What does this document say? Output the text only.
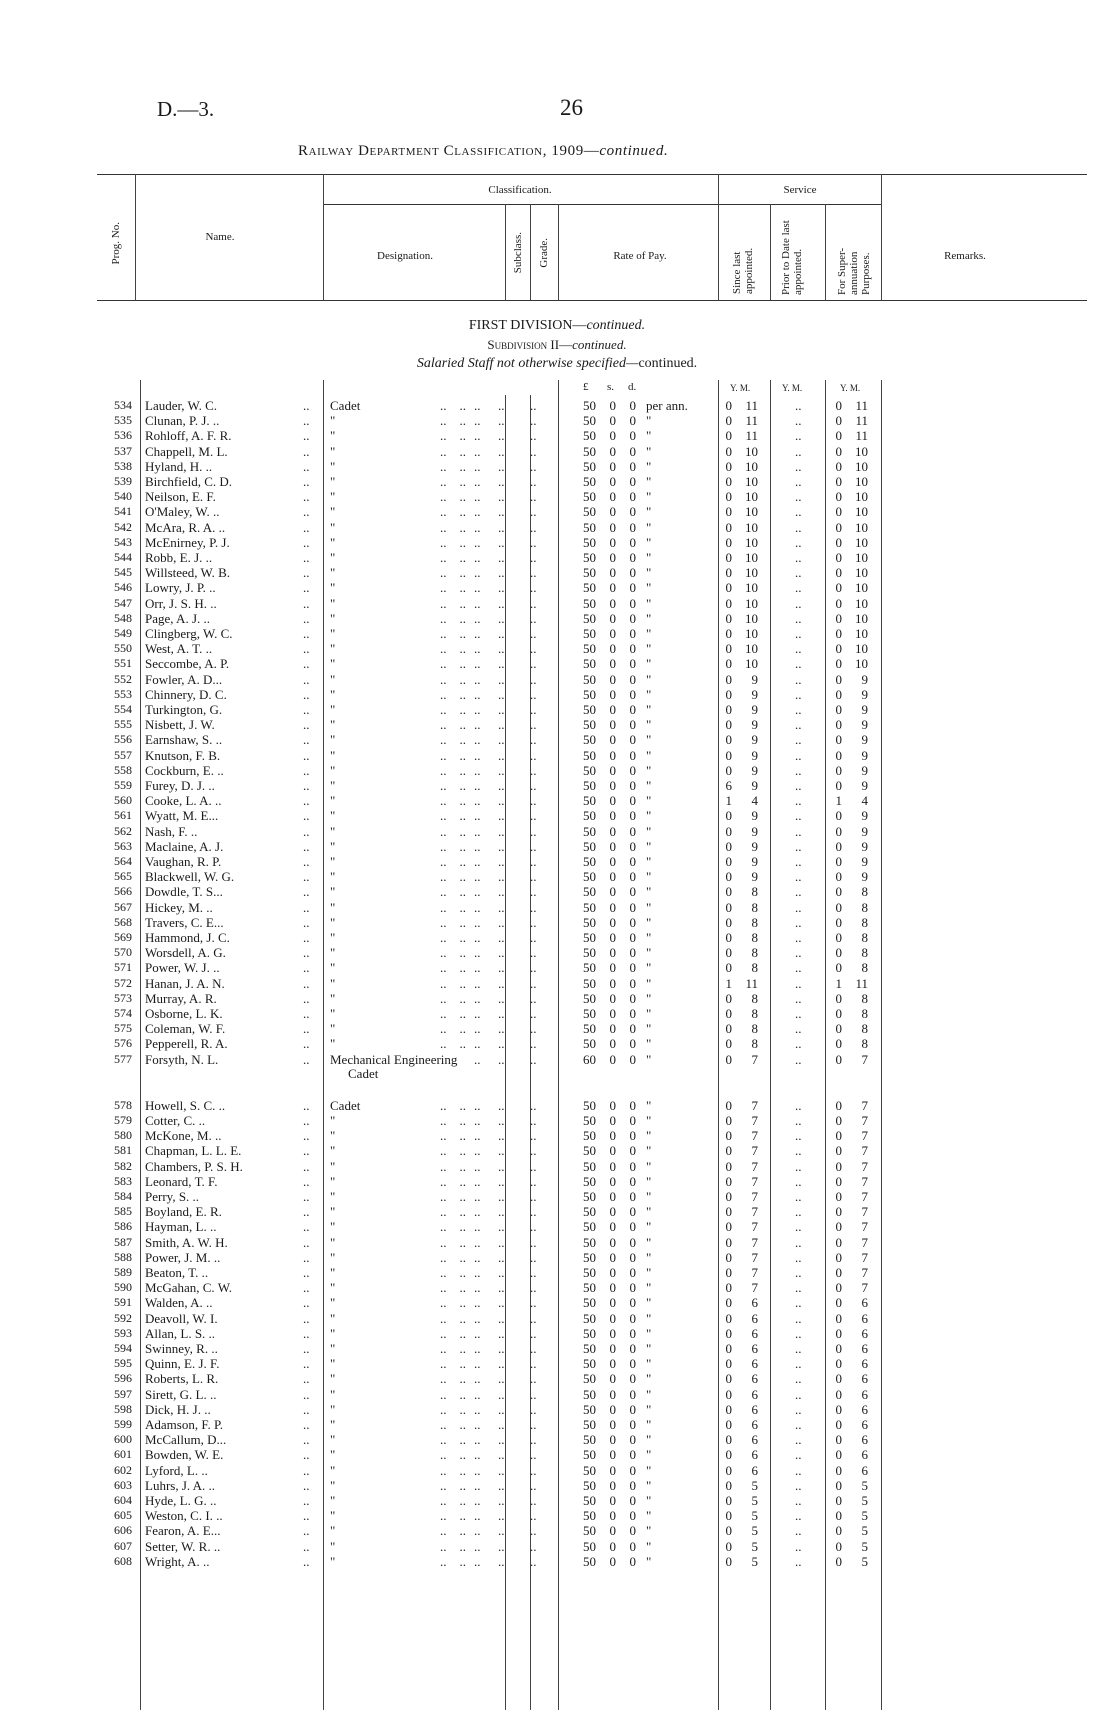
D.—3.	26
Railway Department Classification, 1909—continued.
Prog. No.	Name.
Classification.
Designation.	Subclass. Grade.	Rate of Pay.
Service
Since last appointed. Prior to Date last appointed.	For Super-annuation Purposes.	Remarks.
FIRST DIVISION—continued.
Subdivision II—continued.
Salaried Staff not otherwise specified—continued.
£ s. d.	Y. M.	Y. M.	Y. M.
Cadet
534 Lauder, W. C.	.. Cadet	..    .. .. .. ..	50 0 0 per ann.	0	11	..	0	11
535 Clunan, P. J. ..	.. "	..    .. .. .. ..	50 0 0 "	0	11	..	0	11
536 Rohloff, A. F. R.	.. "	..    .. .. .. ..	50 0 0 "	0	11	..	0	11
537 Chappell, M. L.	.. "	..    .. .. .. ..	50 0 0 "	0	10	..	0	10
538 Hyland, H. ..	.. "	..    .. .. .. ..	50 0 0 "	0	10	..	0	10
539 Birchfield, C. D.	.. "	..    .. .. .. ..	50 0 0 "	0	10	..	0	10
540 Neilson, E. F.	.. "	..    .. .. .. ..	50 0 0 "	0	10	..	0	10
541 O'Maley, W. ..	.. "	..    .. .. .. ..	50 0 0 "	0	10	..	0	10
542 McAra, R. A. ..	.. "	..    .. .. .. ..	50 0 0 "	0	10	..	0	10
543 McEnirney, P. J.	.. "	..    .. .. .. ..	50 0 0 "	0	10	..	0	10
544 Robb, E. J. ..	.. "	..    .. .. .. ..	50 0 0 "	0	10	..	0	10
545 Willsteed, W. B.	.. "	..    .. .. .. ..	50 0 0 "	0	10	..	0	10
546 Lowry, J. P. ..	.. "	..    .. .. .. ..	50 0 0 "	0	10	..	0	10
547 Orr, J. S. H. ..	.. "	..    .. .. .. ..	50 0 0 "	0	10	..	0	10
548 Page, A. J. ..	.. "	..    .. .. .. ..	50 0 0 "	0	10	..	0	10
549 Clingberg, W. C.	.. "	..    .. .. .. ..	50 0 0 "	0	10	..	0	10
550 West, A. T. ..	.. "	..    .. .. .. ..	50 0 0 "	0	10	..	0	10
551 Seccombe, A. P.	.. "	..    .. .. .. ..	50 0 0 "	0	10	..	0	10
552 Fowler, A. D...	.. "	..    .. .. .. ..	50 0 0 "	0	9	..	0	9
553 Chinnery, D. C.	.. "	..    .. .. .. ..	50 0 0 "	0	9	..	0	9
554 Turkington, G.	.. "	..    .. .. .. ..	50 0 0 "	0	9	..	0	9
555 Nisbett, J. W.	.. "	..    .. .. .. ..	50 0 0 "	0	9	..	0	9
556 Earnshaw, S. ..	.. "	..    .. .. .. ..	50 0 0 "	0	9	..	0	9
557 Knutson, F. B.	.. "	..    .. .. .. ..	50 0 0 "	0	9	..	0	9
558 Cockburn, E. ..	.. "	..    .. .. .. ..	50 0 0 "	0	9	..	0	9
559 Furey, D. J. ..	.. "	..    .. .. .. ..	50 0 0 "	6	9	..	0	9
560 Cooke, L. A. ..	.. "	..    .. .. .. ..	50 0 0 "	1	4	..	1	4
561 Wyatt, M. E...	.. "	..    .. .. .. ..	50 0 0 "	0	9	..	0	9
562 Nash, F. ..	.. "	..    .. .. .. ..	50 0 0 "	0	9	..	0	9
563 Maclaine, A. J.	.. "	..    .. .. .. ..	50 0 0 "	0	9	..	0	9
564 Vaughan, R. P.	.. "	..    .. .. .. ..	50 0 0 "	0	9	..	0	9
565 Blackwell, W. G.	.. "	..    .. .. .. ..	50 0 0 "	0	9	..	0	9
566 Dowdle, T. S...	.. "	..    .. .. .. ..	50 0 0 "	0	8	..	0	8
567 Hickey, M. ..	.. "	..    .. .. .. ..	50 0 0 "	0	8	..	0	8
568 Travers, C. E...	.. "	..    .. .. .. ..	50 0 0 "	0	8	..	0	8
569 Hammond, J. C.	.. "	..    .. .. .. ..	50 0 0 "	0	8	..	0	8
570 Worsdell, A. G.	.. "	..    .. .. .. ..	50 0 0 "	0	8	..	0	8
571 Power, W. J. ..	.. "	..    .. .. .. ..	50 0 0 "	0	8	..	0	8
572 Hanan, J. A. N.	.. "	..    .. .. .. ..	50 0 0 "	1	11	..	1	11
573 Murray, A. R.	.. "	..    .. .. .. ..	50 0 0 "	0	8	..	0	8
574 Osborne, L. K.	.. "	..    .. .. .. ..	50 0 0 "	0	8	..	0	8
575 Coleman, W. F.	.. "	..    .. .. .. ..	50 0 0 "	0	8	..	0	8
576 Pepperell, R. A.	.. "	..    .. .. .. ..	50 0 0 "	0	8	..	0	8
577 Forsyth, N. L.	.. Mechanical Engineering .. .. ..	60 0 0 "	0	7	..	0	7
578 Howell, S. C. ..	.. Cadet	..    .. .. .. ..	50 0 0 "	0	7	..	0	7
579 Cotter, C. ..	.. "	..    .. .. .. ..	50 0 0 "	0	7	..	0	7
580 McKone, M. ..	.. "	..    .. .. .. ..	50 0 0 "	0	7	..	0	7
581 Chapman, L. L. E.	.. "	..    .. .. .. ..	50 0 0 "	0	7	..	0	7
582 Chambers, P. S. H.	.. "	..    .. .. .. ..	50 0 0 "	0	7	..	0	7
583 Leonard, T. F.	.. "	..    .. .. .. ..	50 0 0 "	0	7	..	0	7
584 Perry, S. ..	.. "	..    .. .. .. ..	50 0 0 "	0	7	..	0	7
585 Boyland, E. R.	.. "	..    .. .. .. ..	50 0 0 "	0	7	..	0	7
586 Hayman, L. ..	.. "	..    .. .. .. ..	50 0 0 "	0	7	..	0	7
587 Smith, A. W. H.	.. "	..    .. .. .. ..	50 0 0 "	0	7	..	0	7
588 Power, J. M. ..	.. "	..    .. .. .. ..	50 0 0 "	0	7	..	0	7
589 Beaton, T. ..	.. "	..    .. .. .. ..	50 0 0 "	0	7	..	0	7
590 McGahan, C. W.	.. "	..    .. .. .. ..	50 0 0 "	0	7	..	0	7
591 Walden, A. ..	.. "	..    .. .. .. ..	50 0 0 "	0	6	..	0	6
592 Deavoll, W. I.	.. "	..    .. .. .. ..	50 0 0 "	0	6	..	0	6
593 Allan, L. S. ..	.. "	..    .. .. .. ..	50 0 0 "	0	6	..	0	6
594 Swinney, R. ..	.. "	..    .. .. .. ..	50 0 0 "	0	6	..	0	6
595 Quinn, E. J. F.	.. "	..    .. .. .. ..	50 0 0 "	0	6	..	0	6
596 Roberts, L. R.	.. "	..    .. .. .. ..	50 0 0 "	0	6	..	0	6
597 Sirett, G. L. ..	.. "	..    .. .. .. ..	50 0 0 "	0	6	..	0	6
598 Dick, H. J. ..	.. "	..    .. .. .. ..	50 0 0 "	0	6	..	0	6
599 Adamson, F. P.	.. "	..    .. .. .. ..	50 0 0 "	0	6	..	0	6
600 McCallum, D...	.. "	..    .. .. .. ..	50 0 0 "	0	6	..	0	6
601 Bowden, W. E.	.. "	..    .. .. .. ..	50 0 0 "	0	6	..	0	6
602 Lyford, L. ..	.. "	..    .. .. .. ..	50 0 0 "	0	6	..	0	6
603 Luhrs, J. A. ..	.. "	..    .. .. .. ..	50 0 0 "	0	5	..	0	5
604 Hyde, L. G. ..	.. "	..    .. .. .. ..	50 0 0 "	0	5	..	0	5
605 Weston, C. I. ..	.. "	..    .. .. .. ..	50 0 0 "	0	5	..	0	5
606 Fearon, A. E...	.. "	..    .. .. .. ..	50 0 0 "	0	5	..	0	5
607 Setter, W. R. ..	.. "	..    .. .. .. ..	50 0 0 "	0	5	..	0	5
608 Wright, A. ..	.. "	..    .. .. .. ..	50 0 0 "	0	5	..	0	5
